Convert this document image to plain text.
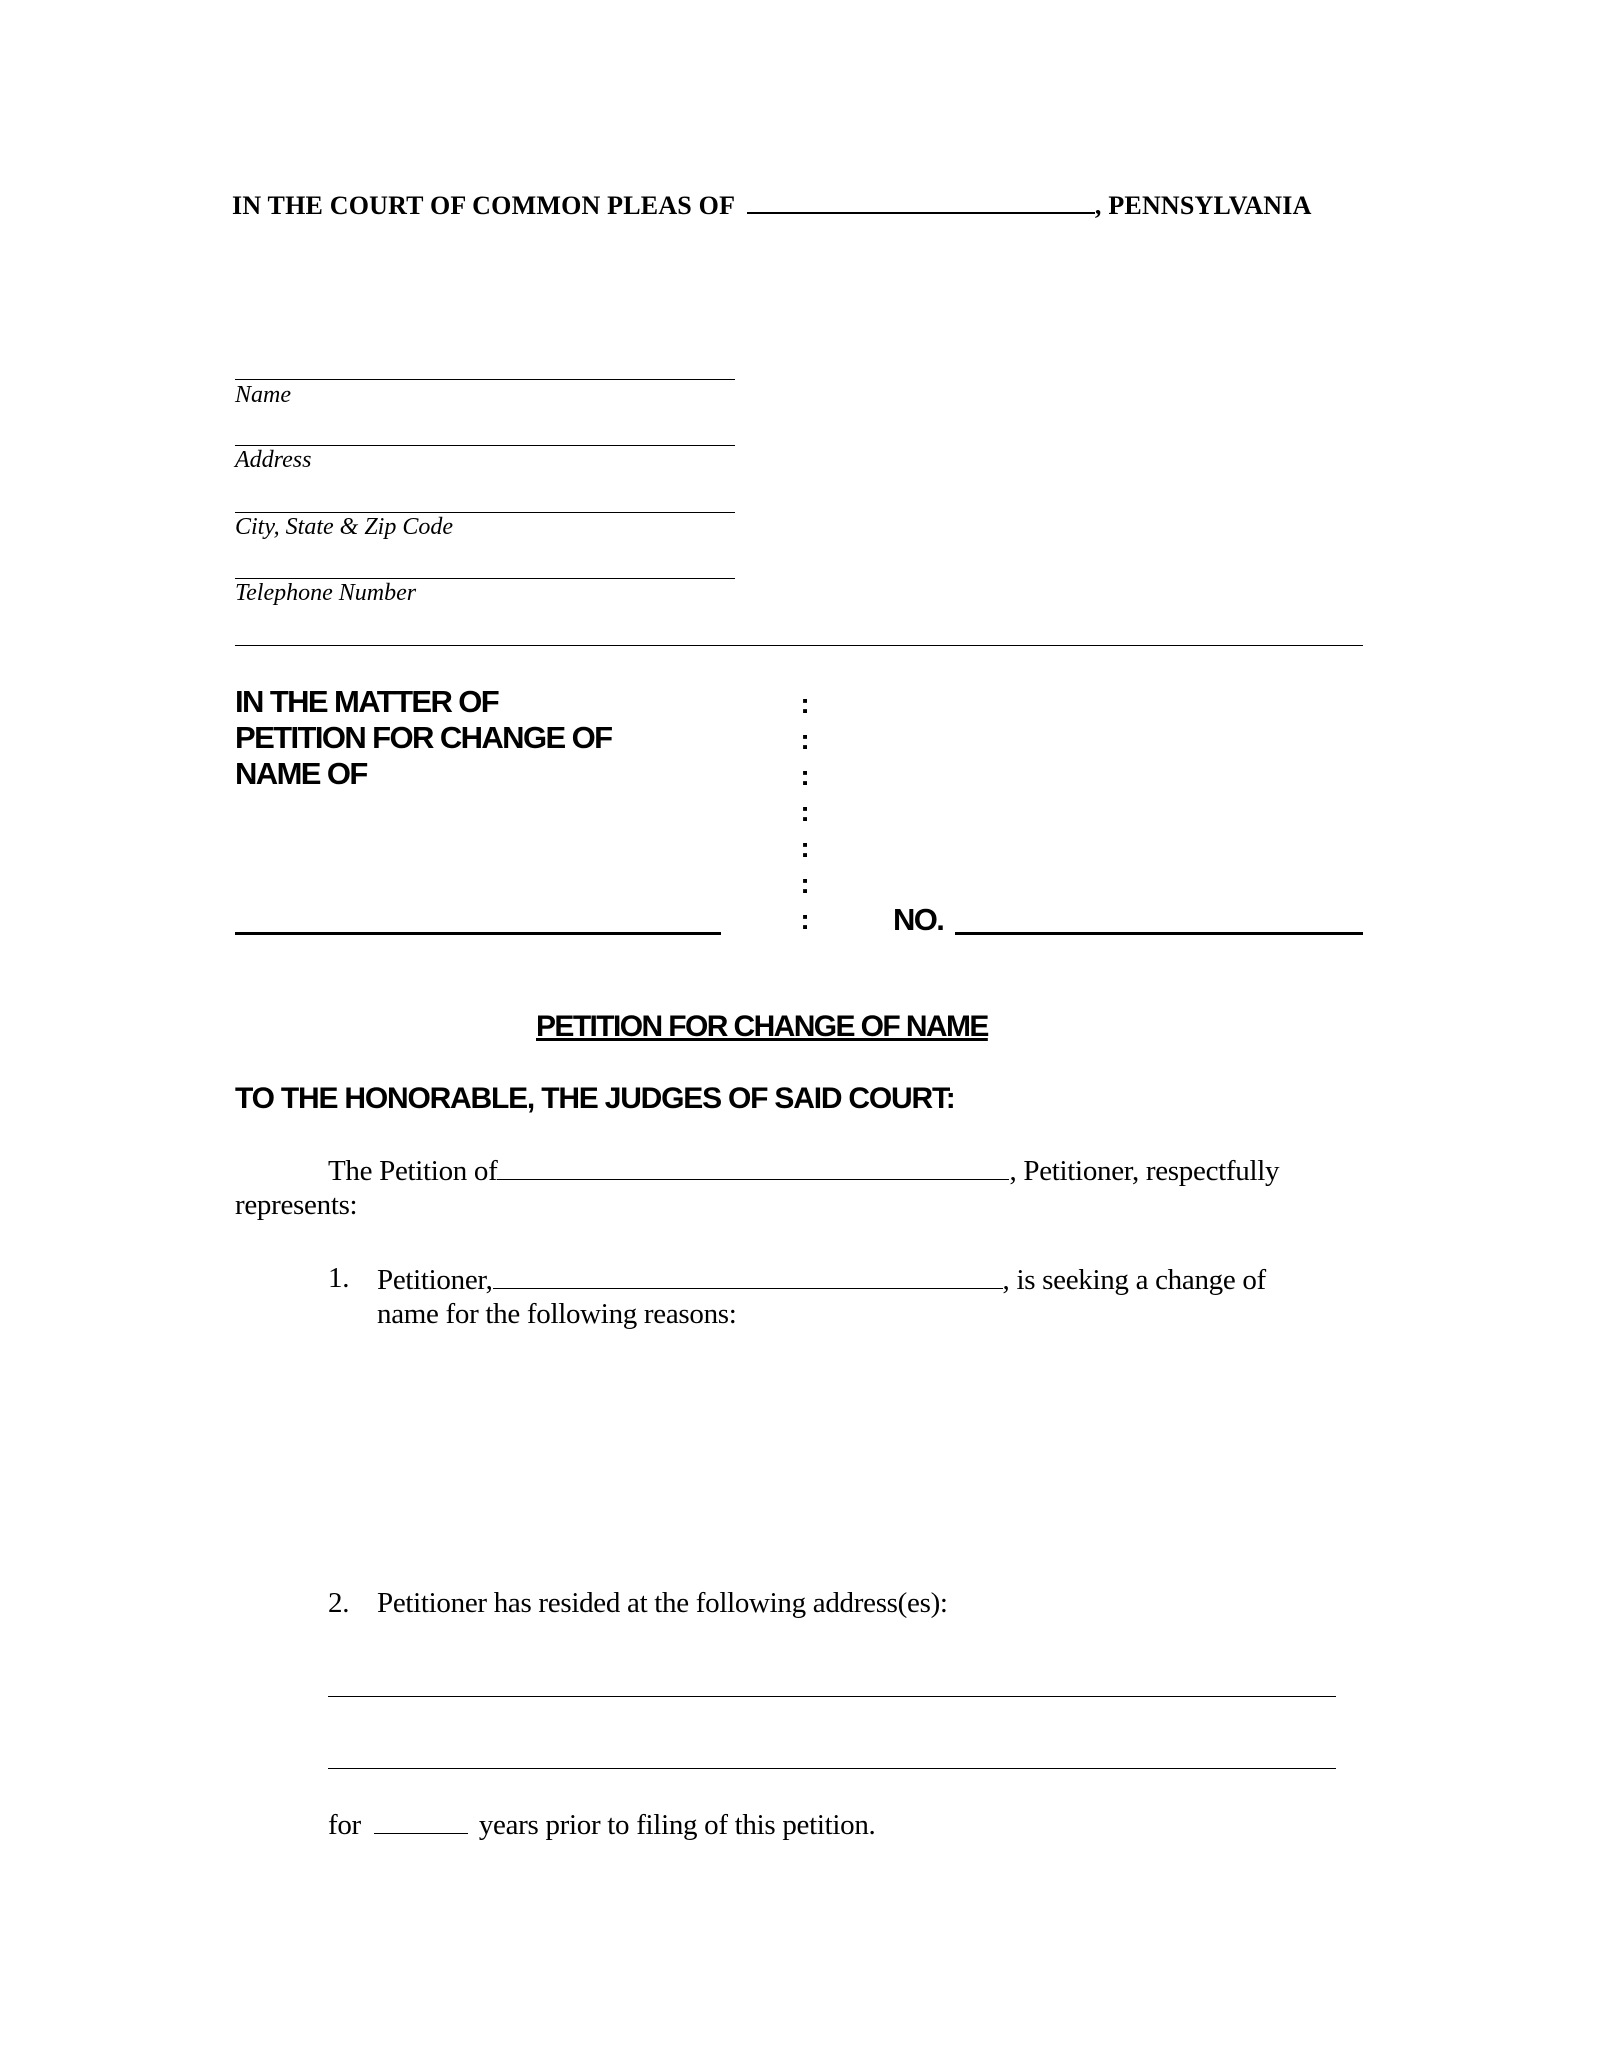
IN THE COURT OF COMMON PLEAS OF	, PENNSYLVANIA
Name
Address
City, State & Zip Code
Telephone Number
IN THE MATTER OF
PETITION FOR CHANGE OF
NAME OF
:
:
:
:
:
:
:	NO.
PETITION FOR CHANGE OF NAME
TO THE HONORABLE, THE JUDGES OF SAID COURT:
The Petition of	, Petitioner, respectfully
represents:
1. Petitioner,	, is seeking a change of
name for the following reasons:
2. Petitioner has resided at the following address(es):
for	years prior to filing of this petition.
